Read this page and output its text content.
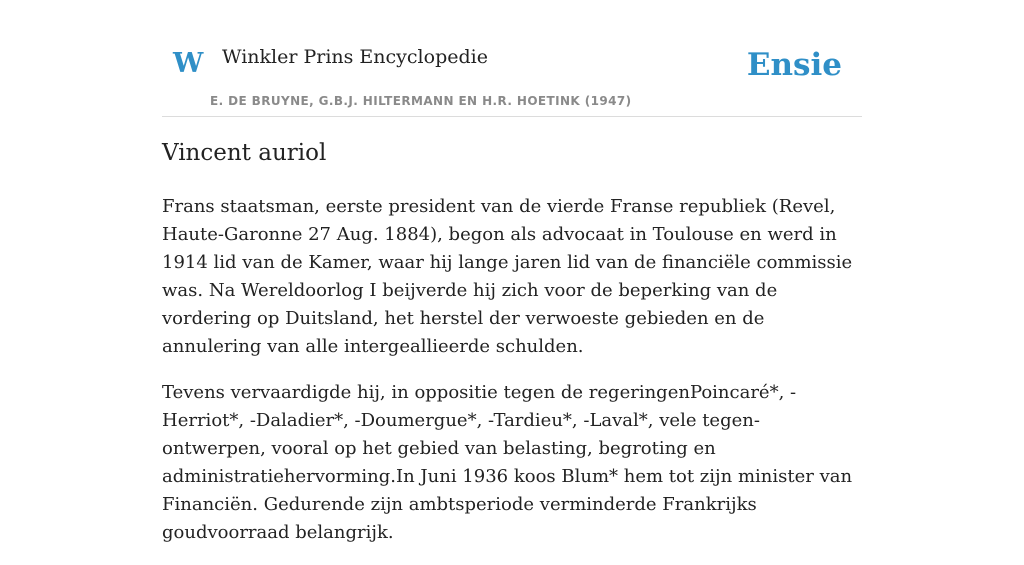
W Winkler Prins Encyclopedie
E. DE BRUYNE, G.B.J. HILTERMANN EN H.R. HOETINK (1947)
Ensie
Vincent auriol

Frans staatsman, eerste president van de vierde Franse republiek (Revel, Haute-Garonne 27 Aug. 1884), begon als advocaat in Toulouse en werd in 1914 lid van de Kamer, waar hij lange jaren lid van de financiële commissie was. Na Wereldoorlog I beijverde hij zich voor de beperking van de vordering op Duitsland, het herstel der verwoeste gebieden en de annulering van alle intergeallieerde schulden.

Tevens vervaardigde hij, in oppositie tegen de regeringenPoincaré*, -Herriot*, -Daladier*, -Doumergue*, -Tardieu*, -Laval*, vele tegen-ontwerpen, vooral op het gebied van belasting, begroting en administratiehervorming.In Juni 1936 koos Blum* hem tot zijn minister van Financiën. Gedurende zijn ambtsperiode verminderde Frankrijks goudvoorraad belangrijk.
